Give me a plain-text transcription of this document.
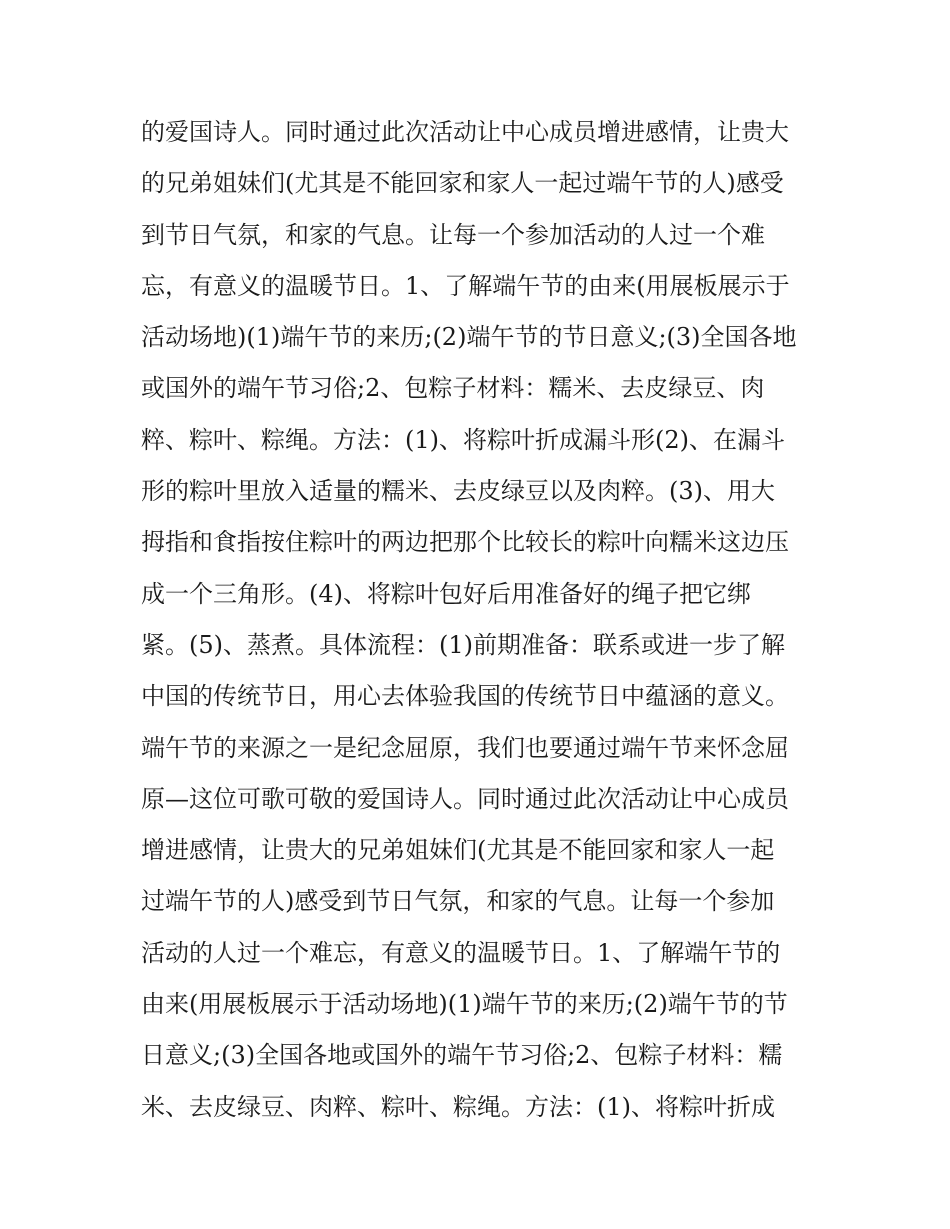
的爱国诗人。同时通过此次活动让中心成员增进感情，让贵大
的兄弟姐妹们(尤其是不能回家和家人一起过端午节的人)感受
到节日气氛，和家的气息。让每一个参加活动的人过一个难
忘，有意义的温暖节日。1、了解端午节的由来(用展板展示于
活动场地)(1)端午节的来历;(2)端午节的节日意义;(3)全国各地
或国外的端午节习俗;2、包粽子材料：糯米、去皮绿豆、肉
粹、粽叶、粽绳。方法：(1)、将粽叶折成漏斗形(2)、在漏斗
形的粽叶里放入适量的糯米、去皮绿豆以及肉粹。(3)、用大
拇指和食指按住粽叶的两边把那个比较长的粽叶向糯米这边压
成一个三角形。(4)、将粽叶包好后用准备好的绳子把它绑
紧。(5)、蒸煮。具体流程：(1)前期准备：联系或进一步了解
中国的传统节日，用心去体验我国的传统节日中蕴涵的意义。
端午节的来源之一是纪念屈原，我们也要通过端午节来怀念屈
原—这位可歌可敬的爱国诗人。同时通过此次活动让中心成员
增进感情，让贵大的兄弟姐妹们(尤其是不能回家和家人一起
过端午节的人)感受到节日气氛，和家的气息。让每一个参加
活动的人过一个难忘，有意义的温暖节日。1、了解端午节的
由来(用展板展示于活动场地)(1)端午节的来历;(2)端午节的节
日意义;(3)全国各地或国外的端午节习俗;2、包粽子材料：糯
米、去皮绿豆、肉粹、粽叶、粽绳。方法：(1)、将粽叶折成
